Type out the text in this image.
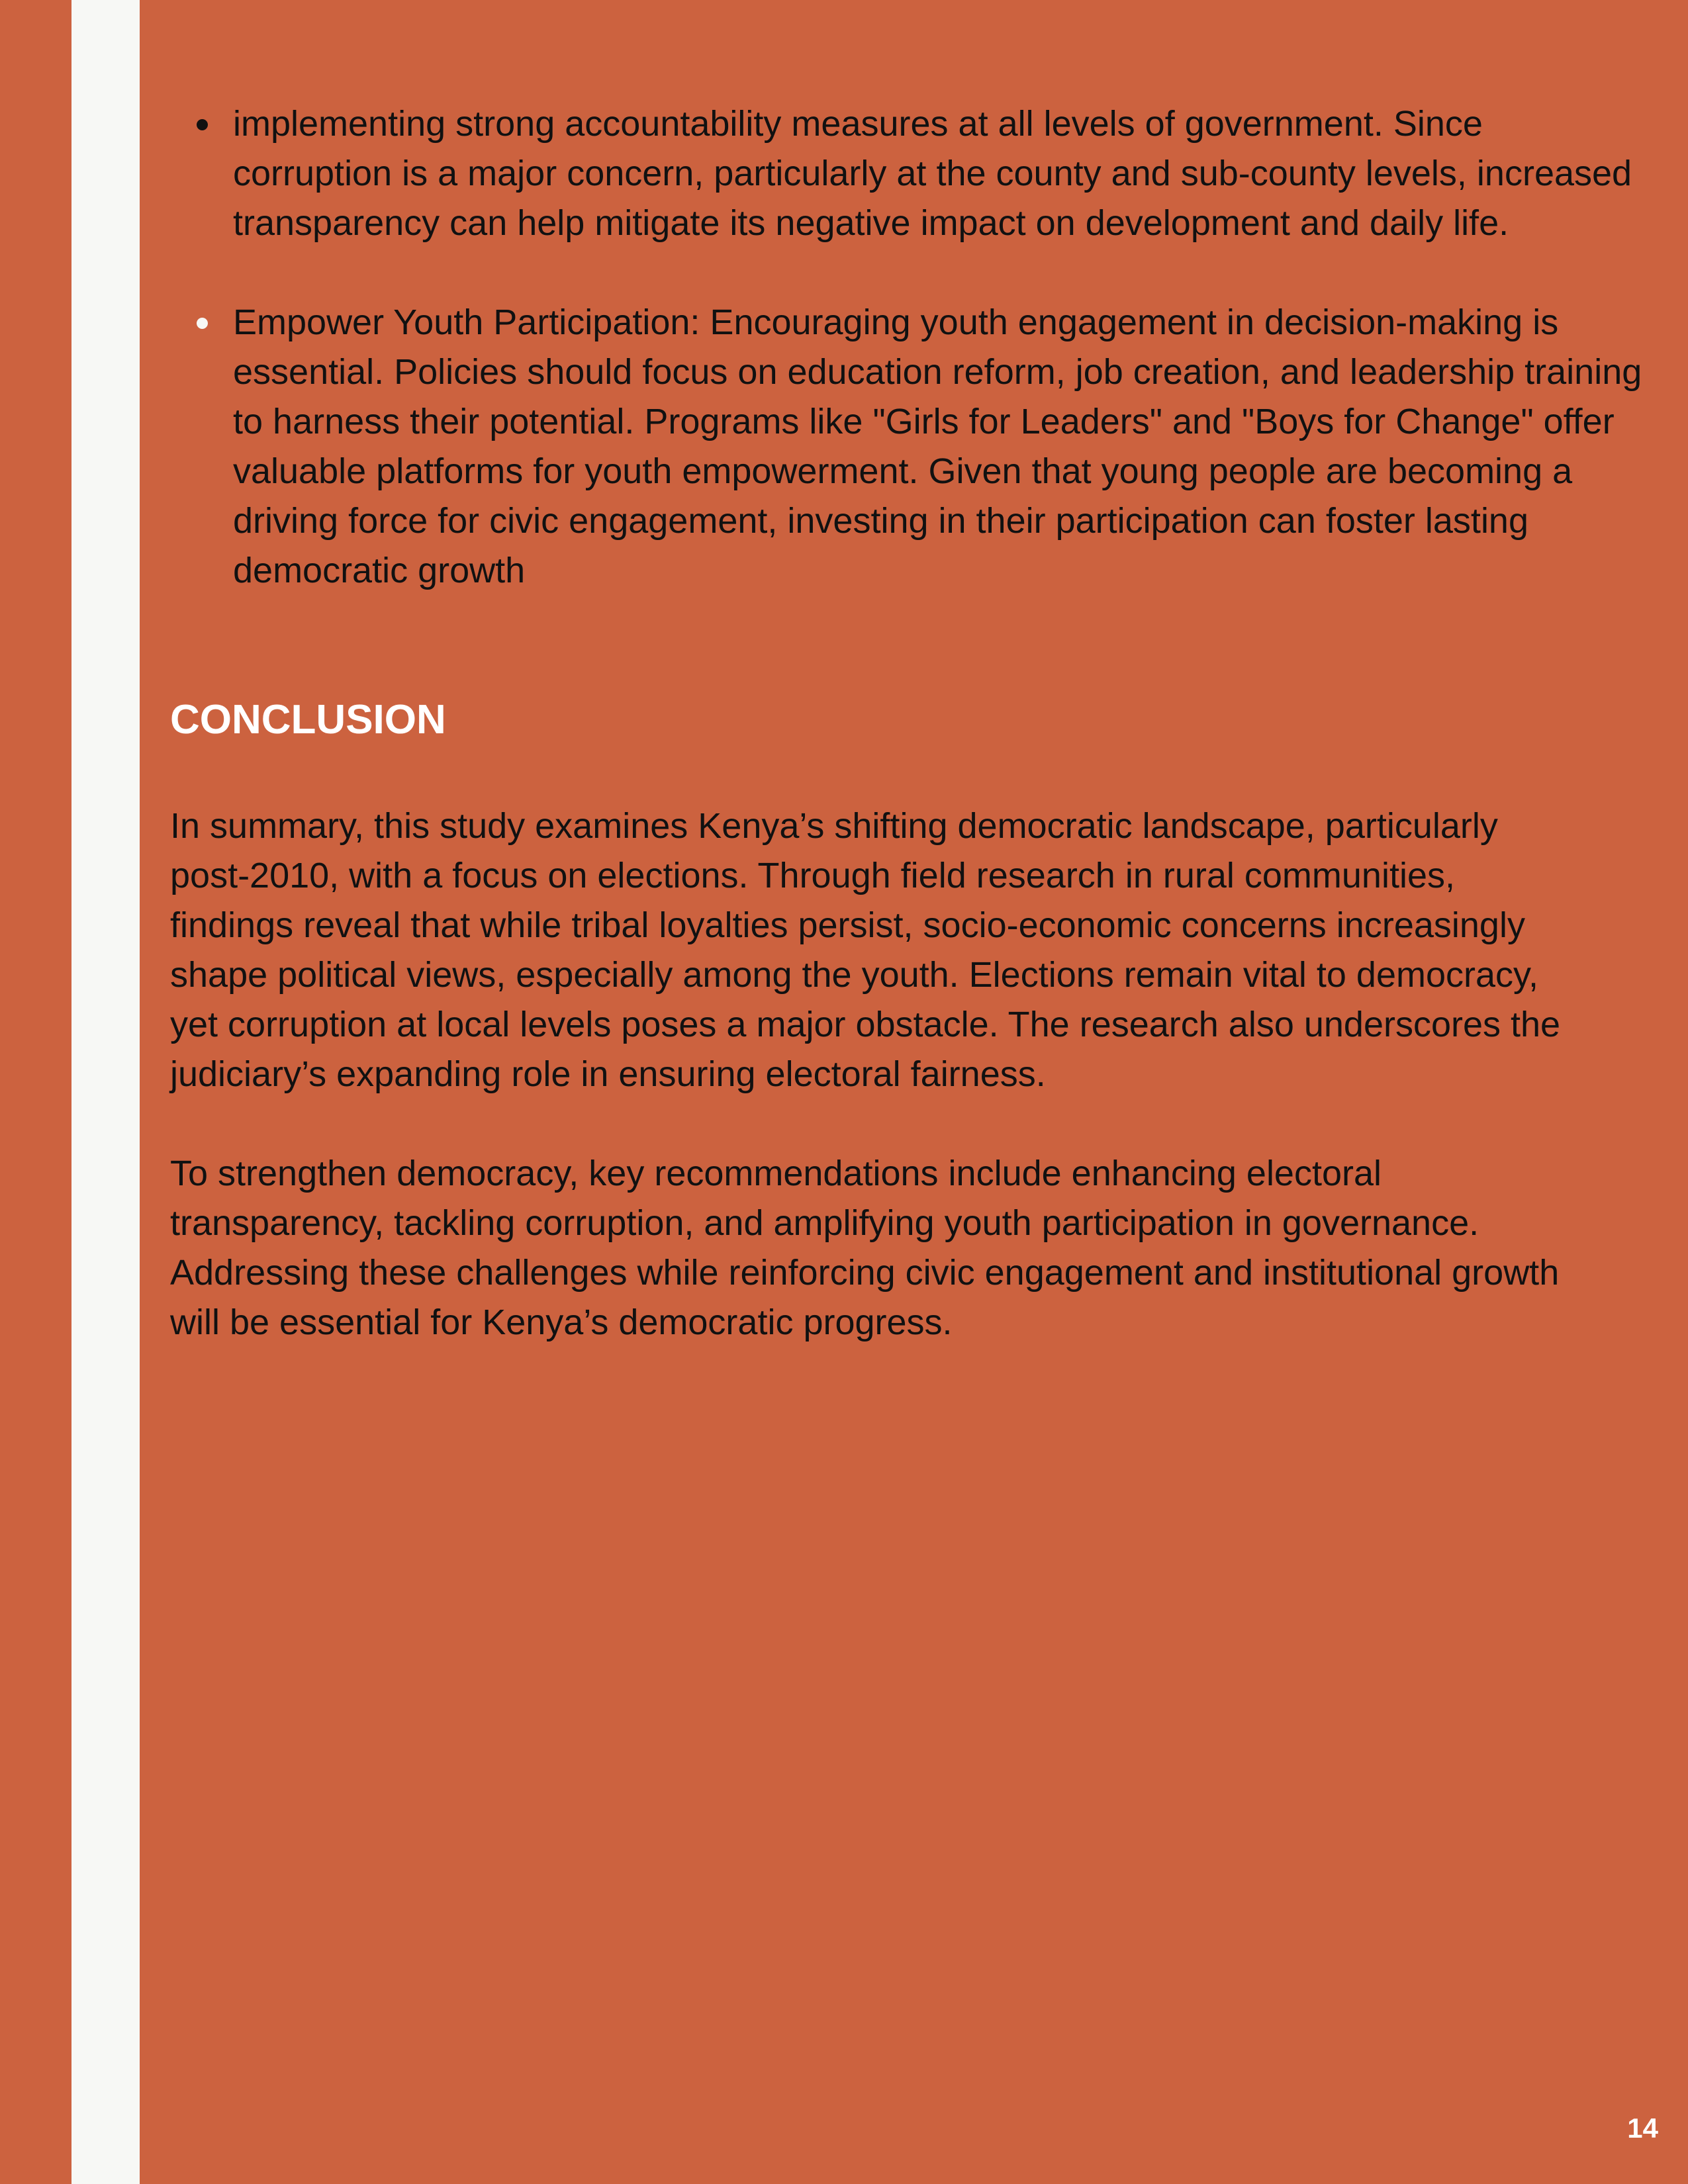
implementing strong accountability measures at all levels of government. Since corruption is a major concern, particularly at the county and sub-county levels, increased transparency can help mitigate its negative impact on development and daily life.
Empower Youth Participation: Encouraging youth engagement in decision-making is essential. Policies should focus on education reform, job creation, and leadership training to harness their potential. Programs like "Girls for Leaders" and "Boys for Change" offer valuable platforms for youth empowerment. Given that young people are becoming a driving force for civic engagement, investing in their participation can foster lasting democratic growth
CONCLUSION

In summary, this study examines Kenya’s shifting democratic landscape, particularly post-2010, with a focus on elections. Through field research in rural communities, findings reveal that while tribal loyalties persist, socio-economic concerns increasingly shape political views, especially among the youth. Elections remain vital to democracy, yet corruption at local levels poses a major obstacle. The research also underscores the judiciary’s expanding role in ensuring electoral fairness.

To strengthen democracy, key recommendations include enhancing electoral transparency, tackling corruption, and amplifying youth participation in governance. Addressing these challenges while reinforcing civic engagement and institutional growth will be essential for Kenya’s democratic progress.

14
